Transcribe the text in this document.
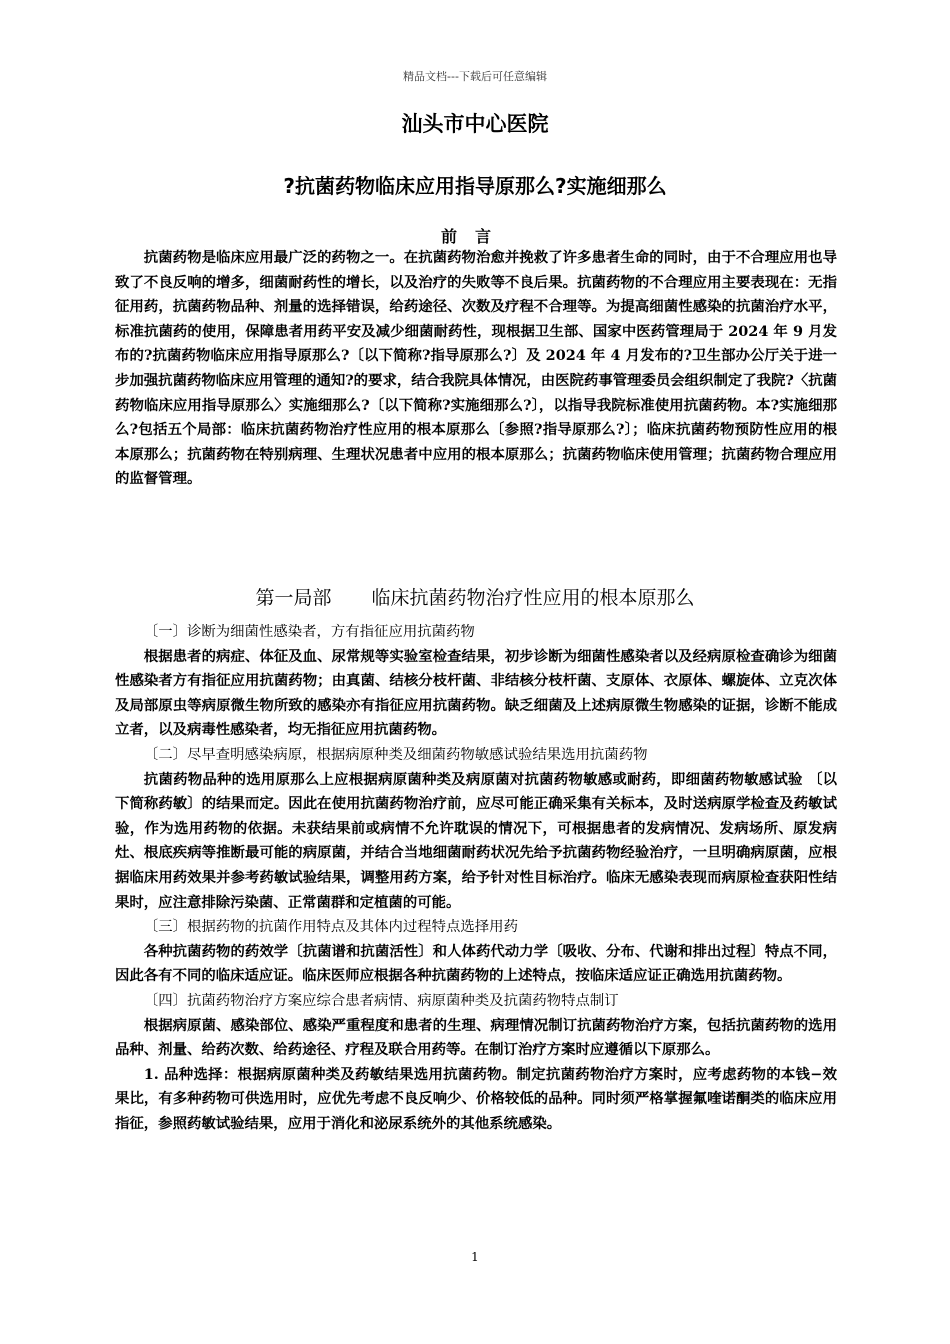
精品文档---下载后可任意编辑
汕头市中心医院
?抗菌药物临床应用指导原那么?实施细那么
前言

抗菌药物是临床应用最广泛的药物之一。在抗菌药物治愈并挽救了许多患者生命的同时，由于不合理应用也导致了不良反响的增多，细菌耐药性的增长，以及治疗的失败等不良后果。抗菌药物的不合理应用主要表现在：无指征用药，抗菌药物品种、剂量的选择错误，给药途径、次数及疗程不合理等。为提高细菌性感染的抗菌治疗水平，标准抗菌药的使用，保障患者用药平安及减少细菌耐药性，现根据卫生部、国家中医药管理局于 2024 年 9 月发布的?抗菌药物临床应用指导原那么?〔以下简称?指导原那么?〕及 2024 年 4 月发布的?卫生部办公厅关于进一步加强抗菌药物临床应用管理的通知?的要求，结合我院具体情况，由医院药事管理委员会组织制定了我院?〈抗菌药物临床应用指导原那么〉实施细那么?〔以下简称?实施细那么?〕，以指导我院标准使用抗菌药物。本?实施细那么?包括五个局部：临床抗菌药物治疗性应用的根本原那么〔参照?指导原那么?〕；临床抗菌药物预防性应用的根本原那么；抗菌药物在特别病理、生理状况患者中应用的根本原那么；抗菌药物临床使用管理；抗菌药物合理应用的监督管理。

第一局部 临床抗菌药物治疗性应用的根本原那么

〔一〕诊断为细菌性感染者，方有指征应用抗菌药物

根据患者的病症、体征及血、尿常规等实验室检查结果，初步诊断为细菌性感染者以及经病原检查确诊为细菌性感染者方有指征应用抗菌药物；由真菌、结核分枝杆菌、非结核分枝杆菌、支原体、衣原体、螺旋体、立克次体及局部原虫等病原微生物所致的感染亦有指征应用抗菌药物。缺乏细菌及上述病原微生物感染的证据，诊断不能成立者，以及病毒性感染者，均无指征应用抗菌药物。

〔二〕尽早查明感染病原，根据病原种类及细菌药物敏感试验结果选用抗菌药物

抗菌药物品种的选用原那么上应根据病原菌种类及病原菌对抗菌药物敏感或耐药，即细菌药物敏感试验 〔以下简称药敏〕的结果而定。因此在使用抗菌药物治疗前，应尽可能正确采集有关标本，及时送病原学检查及药敏试验，作为选用药物的依据。未获结果前或病情不允许耽误的情况下，可根据患者的发病情况、发病场所、原发病灶、根底疾病等推断最可能的病原菌，并结合当地细菌耐药状况先给予抗菌药物经验治疗，一旦明确病原菌，应根据临床用药效果并参考药敏试验结果，调整用药方案，给予针对性目标治疗。临床无感染表现而病原检查获阳性结果时，应注意排除污染菌、正常菌群和定植菌的可能。

〔三〕根据药物的抗菌作用特点及其体内过程特点选择用药

各种抗菌药物的药效学〔抗菌谱和抗菌活性〕和人体药代动力学〔吸收、分布、代谢和排出过程〕特点不同，因此各有不同的临床适应证。临床医师应根据各种抗菌药物的上述特点，按临床适应证正确选用抗菌药物。

〔四〕抗菌药物治疗方案应综合患者病情、病原菌种类及抗菌药物特点制订

根据病原菌、感染部位、感染严重程度和患者的生理、病理情况制订抗菌药物治疗方案，包括抗菌药物的选用品种、剂量、给药次数、给药途径、疗程及联合用药等。在制订治疗方案时应遵循以下原那么。

1. 品种选择：根据病原菌种类及药敏结果选用抗菌药物。制定抗菌药物治疗方案时，应考虑药物的本钱−效果比，有多种药物可供选用时，应优先考虑不良反响少、价格较低的品种。同时须严格掌握氟喹诺酮类的临床应用指征，参照药敏试验结果，应用于消化和泌尿系统外的其他系统感染。

1
